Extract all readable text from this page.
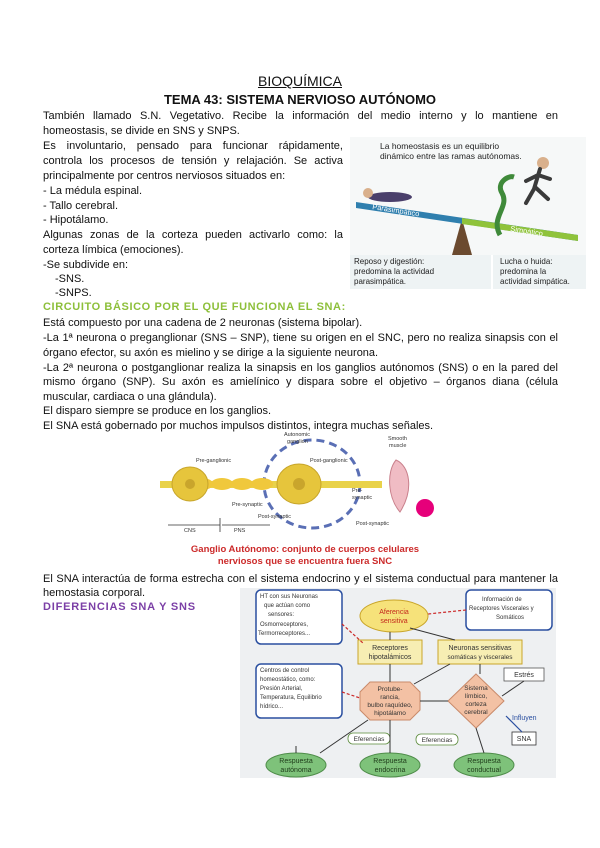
BIOQUÍMICA
TEMA 43: SISTEMA NERVIOSO AUTÓNOMO
También llamado S.N. Vegetativo. Recibe la información del medio interno y lo mantiene en
homeostasis, se divide en SNS y SNPS.
Es involuntario, pensado para funcionar rápidamente,
controla los procesos de tensión y relajación. Se activa
principalmente por centros nerviosos situados en:
- La médula espinal.
- Tallo cerebral.
- Hipotálamo.
Algunas zonas de la corteza pueden activarlo como: la
corteza límbica (emociones).
-Se subdivide en:
-SNS.
-SNPS.
La homeostasis es un equilibrio
dinámico entre las ramas autónomas.
Parasimpático
Simpático
Reposo y digestión:
predomina la actividad
parasimpática.
Lucha o huida:
predomina la
actividad simpática.
CIRCUITO BÁSICO POR EL QUE FUNCIONA EL SNA:
Está compuesto por una cadena de 2 neuronas (sistema bipolar).
-La 1ª neurona o preganglionar (SNS – SNP), tiene su origen en el SNC, pero no realiza sinapsis con el
órgano efector, su axón es mielino y se dirige a la siguiente neurona.
-La 2ª neurona o postganglionar realiza la sinapsis en los ganglios autónomos (SNS) o en la pared del
mismo órgano (SNP). Su axón es amielínico y dispara sobre el objetivo – órganos diana (célula
muscular, cardiaca o una glándula).
El disparo siempre se produce en los ganglios.
El SNA está gobernado por muchos impulsos distintos, integra muchas señales.
Autonomic
ganglion	Smooth
muscle
Pre-ganglionic	Post-ganglionic
Pre-synaptic
Post-synaptic
Pre-
synaptic
Post-synaptic
CNS	PNS
Ganglio Autónomo: conjunto de cuerpos celulares
nerviosos que se encuentra fuera SNC
El SNA interactúa de forma estrecha con el sistema endocrino y el sistema conductual para mantener la
hemostasia corporal.
DIFERENCIAS SNA Y SNS
HT con sus Neuronas
que actúan como
sensores:
Osmorreceptores,
Termorreceptores...
Información de
Receptores Viscerales y
Somáticos
Centros de control
homeostático, como:
Presión Arterial,
Temperatura, Equilibrio
hídrico...
Aferencia
sensitiva
Receptores
hipotalámicos
Neuronas sensitivas
somáticas y viscerales
Estrés
Protube-
rancia,
bulbo raquídeo,
hipotálamo
Sistema
límbico,
corteza
cerebral
Influyen
SNA
Eferencias	Eferencias
Respuesta
autónoma
Respuesta
endocrina
Respuesta
conductual
